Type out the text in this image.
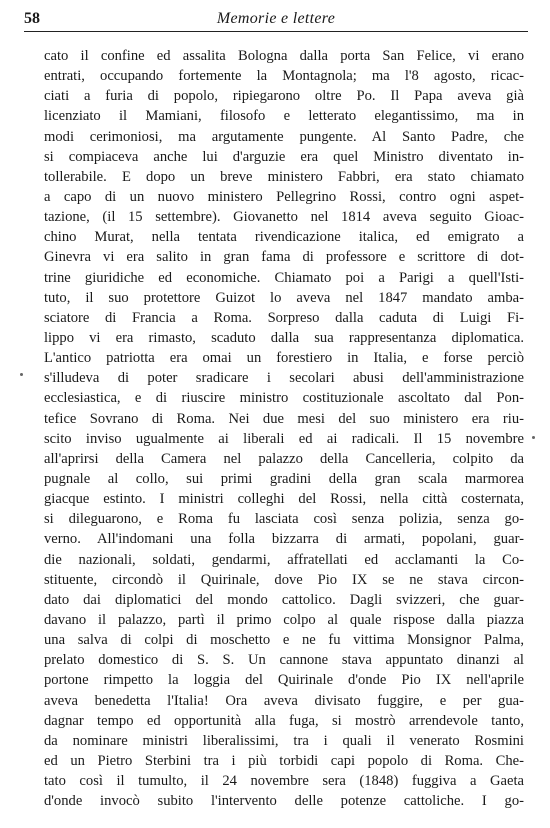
58	Memorie e lettere
cato il confine ed assalita Bologna dalla porta San Felice, vi erano
entrati, occupando fortemente la Montagnola; ma l'8 agosto, ricac-
ciati a furia di popolo, ripiegarono oltre Po. Il Papa aveva già
licenziato il Mamiani, filosofo e letterato elegantissimo, ma in
modi cerimoniosi, ma argutamente pungente. Al Santo Padre, che
si compiaceva anche lui d'arguzie era quel Ministro diventato in-
tollerabile. E dopo un breve ministero Fabbri, era stato chiamato
a capo di un nuovo ministero Pellegrino Rossi, contro ogni aspet-
tazione, (il 15 settembre). Giovanetto nel 1814 aveva seguito Gioac-
chino Murat, nella tentata rivendicazione italica, ed emigrato a
Ginevra vi era salito in gran fama di professore e scrittore di dot-
trine giuridiche ed economiche. Chiamato poi a Parigi a quell'Isti-
tuto, il suo protettore Guizot lo aveva nel 1847 mandato amba-
sciatore di Francia a Roma. Sorpreso dalla caduta di Luigi Fi-
lippo vi era rimasto, scaduto dalla sua rappresentanza diplomatica.
L'antico patriotta era omai un forestiero in Italia, e forse perciò
s'illudeva di poter sradicare i secolari abusi dell'amministrazione
ecclesiastica, e di riuscire ministro costituzionale ascoltato dal Pon-
tefice Sovrano di Roma. Nei due mesi del suo ministero era riu-
scito inviso ugualmente ai liberali ed ai radicali. Il 15 novembre
all'aprirsi della Camera nel palazzo della Cancelleria, colpito da
pugnale al collo, sui primi gradini della gran scala marmorea
giacque estinto. I ministri colleghi del Rossi, nella città costernata,
si dileguarono, e Roma fu lasciata così senza polizia, senza go-
verno. All'indomani una folla bizzarra di armati, popolani, guar-
die nazionali, soldati, gendarmi, affratellati ed acclamanti la Co-
stituente, circondò il Quirinale, dove Pio IX se ne stava circon-
dato dai diplomatici del mondo cattolico. Dagli svizzeri, che guar-
davano il palazzo, partì il primo colpo al quale rispose dalla piazza
una salva di colpi di moschetto e ne fu vittima Monsignor Palma,
prelato domestico di S. S. Un cannone stava appuntato dinanzi al
portone rimpetto la loggia del Quirinale d'onde Pio IX nell'aprile
aveva benedetta l'Italia! Ora aveva divisato fuggire, e per gua-
dagnar tempo ed opportunità alla fuga, si mostrò arrendevole tanto,
da nominare ministri liberalissimi, tra i quali il venerato Rosmini
ed un Pietro Sterbini tra i più torbidi capi popolo di Roma. Che-
tato così il tumulto, il 24 novembre sera (1848) fuggiva a Gaeta
d'onde invocò subito l'intervento delle potenze cattoliche. I go-
